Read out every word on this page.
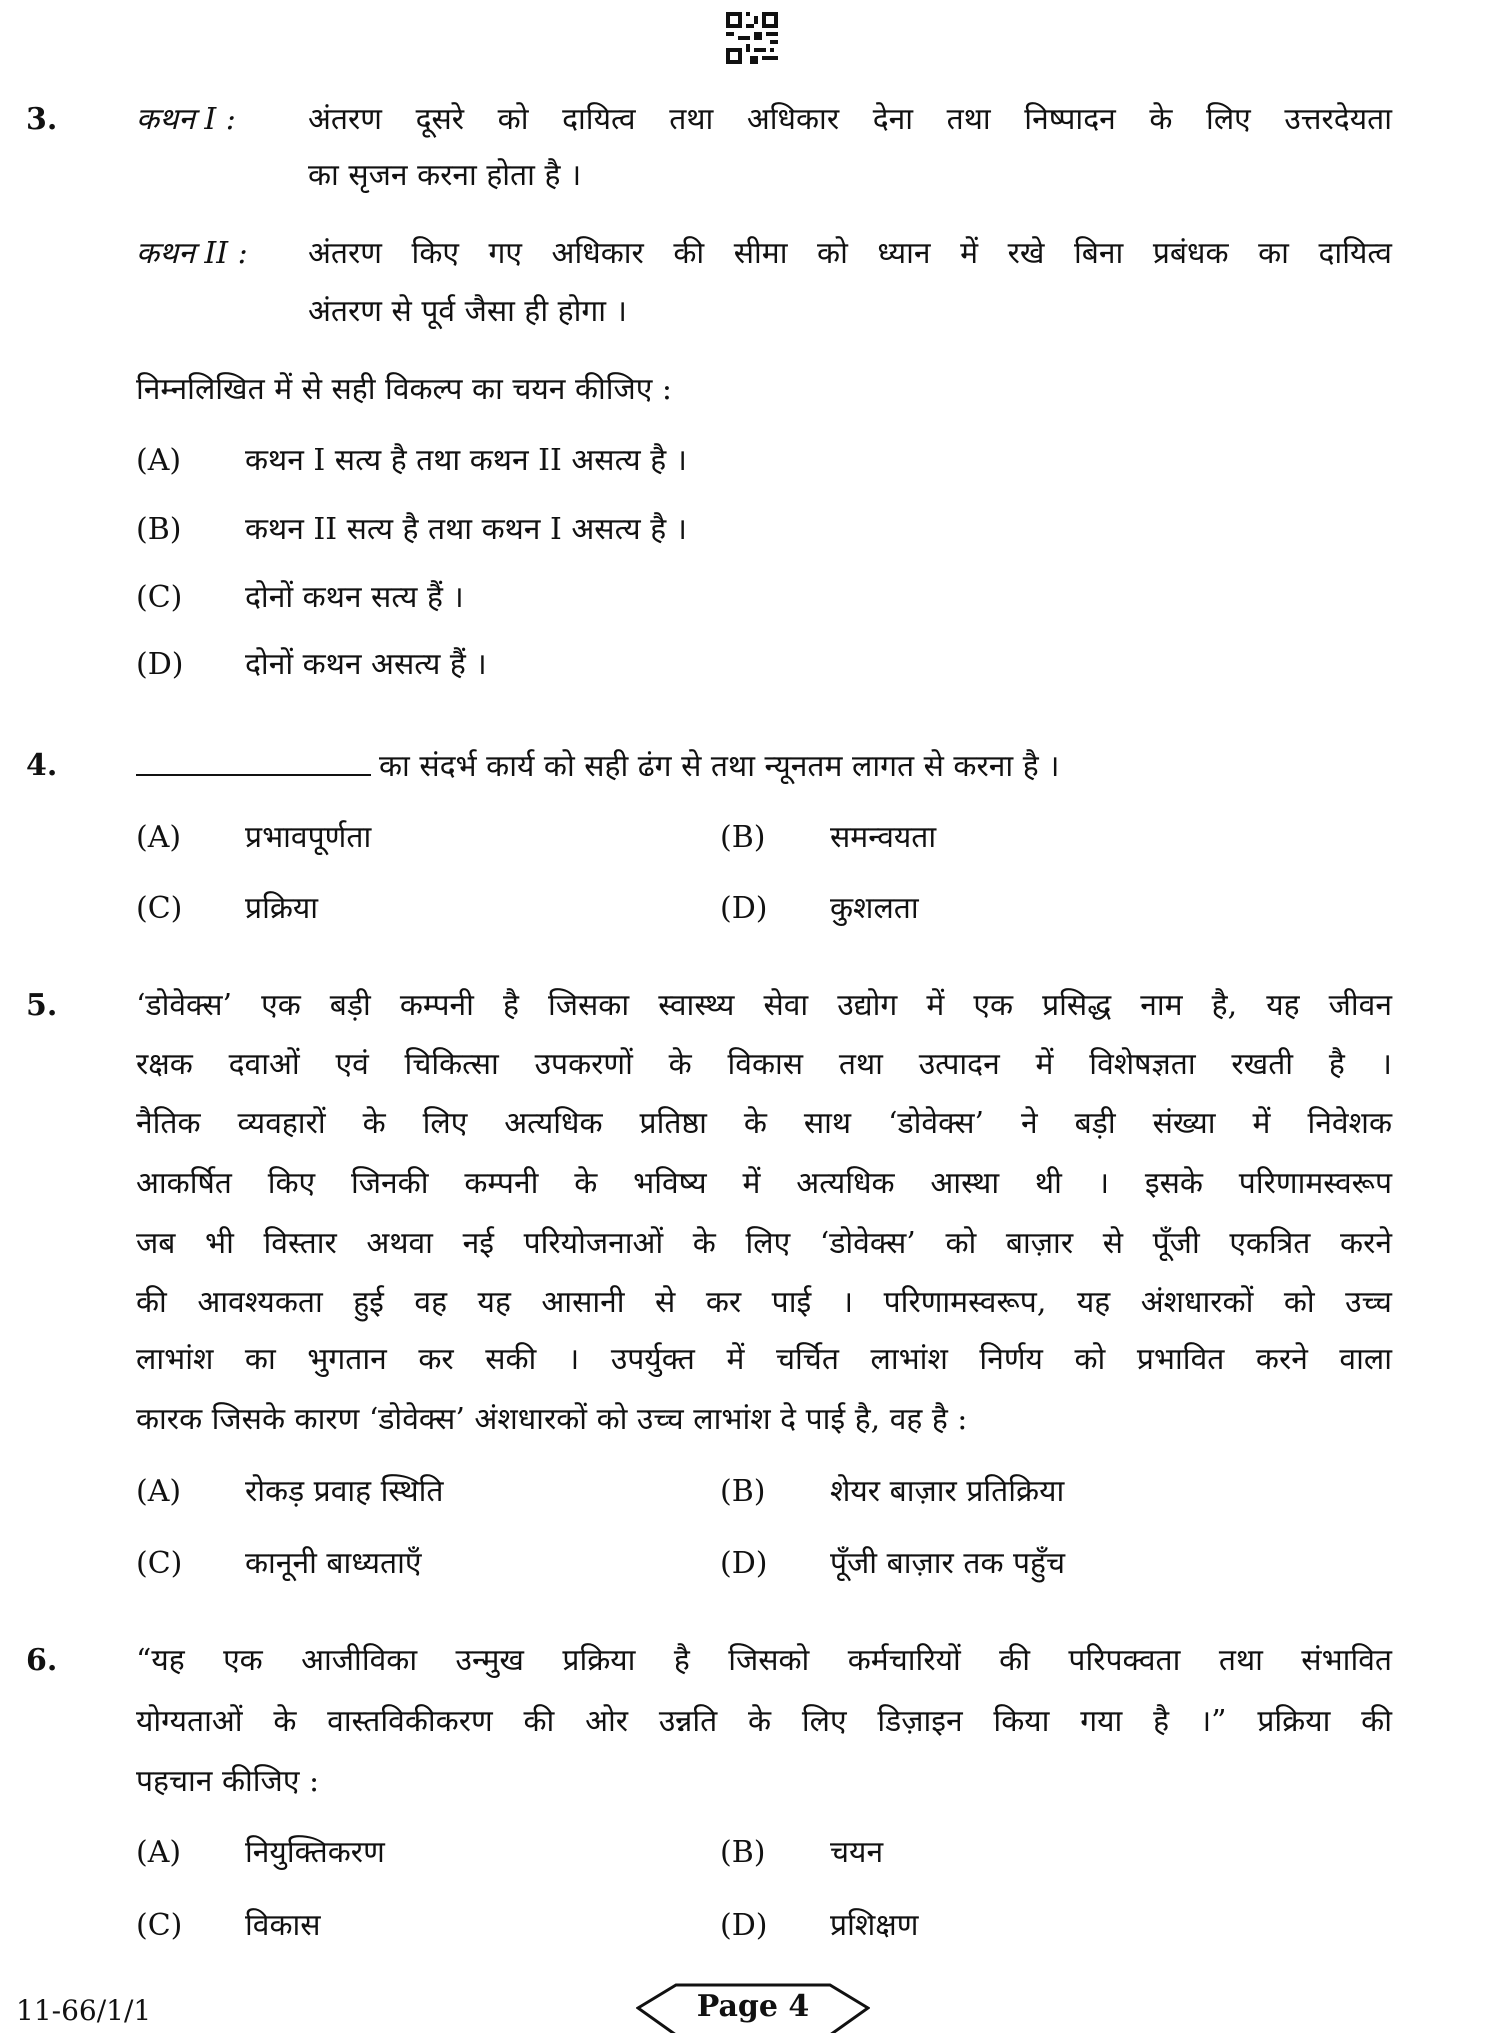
3.	कथन I : अंतरण दूसरे को दायित्व तथा अधिकार देना तथा निष्पादन के लिए उत्तरदेयता
का सृजन करना होता है ।
कथन II : अंतरण किए गए अधिकार की सीमा को ध्यान में रखे बिना प्रबंधक का दायित्व
अंतरण से पूर्व जैसा ही होगा ।
निम्नलिखित में से सही विकल्प का चयन कीजिए :
(A) कथन I सत्य है तथा कथन II असत्य है ।
(B) कथन II सत्य है तथा कथन I असत्य है ।
(C) दोनों कथन सत्य हैं ।
(D) दोनों कथन असत्य हैं ।
4.	का संदर्भ कार्य को सही ढंग से तथा न्यूनतम लागत से करना है ।
(A) प्रभावपूर्णता	(B) समन्वयता
(C) प्रक्रिया	(D) कुशलता
5.	‘डोवेक्स’ एक बड़ी कम्पनी है जिसका स्वास्थ्य सेवा उद्योग में एक प्रसिद्ध नाम है, यह जीवन
रक्षक दवाओं एवं चिकित्सा उपकरणों के विकास तथा उत्पादन में विशेषज्ञता रखती है ।
नैतिक व्यवहारों के लिए अत्यधिक प्रतिष्ठा के साथ ‘डोवेक्स’ ने बड़ी संख्या में निवेशक
आकर्षित किए जिनकी कम्पनी के भविष्य में अत्यधिक आस्था थी । इसके परिणामस्वरूप
जब भी विस्तार अथवा नई परियोजनाओं के लिए ‘डोवेक्स’ को बाज़ार से पूँजी एकत्रित करने
की आवश्यकता हुई वह यह आसानी से कर पाई । परिणामस्वरूप, यह अंशधारकों को उच्च
लाभांश का भुगतान कर सकी । उपर्युक्त में चर्चित लाभांश निर्णय को प्रभावित करने वाला
कारक जिसके कारण ‘डोवेक्स’ अंशधारकों को उच्च लाभांश दे पाई है, वह है :
(A) रोकड़ प्रवाह स्थिति	(B) शेयर बाज़ार प्रतिक्रिया
(C) कानूनी बाध्यताएँ	(D) पूँजी बाज़ार तक पहुँच
6.	“यह एक आजीविका उन्मुख प्रक्रिया है जिसको कर्मचारियों की परिपक्वता तथा संभावित
योग्यताओं के वास्तविकीकरण की ओर उन्नति के लिए डिज़ाइन किया गया है ।” प्रक्रिया की
पहचान कीजिए :
(A) नियुक्तिकरण	(B) चयन
(C) विकास	(D) प्रशिक्षण
11-66/1/1	Page 4
